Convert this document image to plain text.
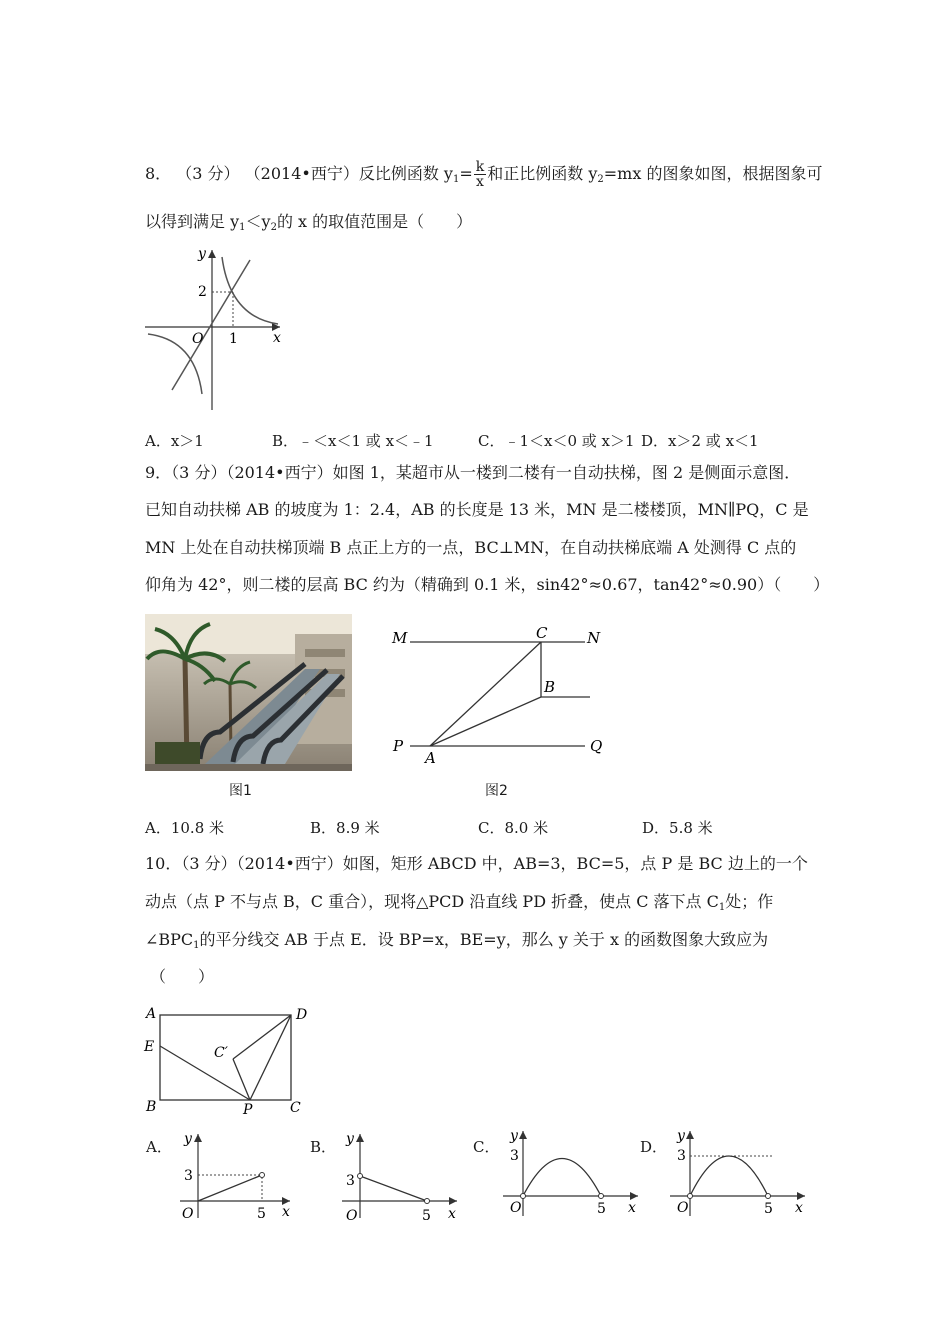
8． （3 分） （2014•西宁）反比例函数 $y_1= \frac{k}{x}$ 和正比例函数 $y_2=mx$ 的图象如图，根据图象可
以得到满足 $y_1<y_2$的 x 的取值范围是（　　）
y
x
O
2
1
A．x＞1	B．﹣＜x＜1 或 x＜﹣1	C．﹣1＜x＜0 或 x＞1 D．x＞2 或 x＜1
9．（3 分）（2014•西宁）如图 1，某超市从一楼到二楼有一自动扶梯，图 2 是侧面示意图．
已知自动扶梯 AB 的坡度为 1：2.4，AB 的长度是 13 米，MN 是二楼楼顶，MN∥PQ，C 是
MN 上处在自动扶梯顶端 B 点正上方的一点，BC⊥MN，在自动扶梯底端 A 处测得 C 点的
仰角为 42°，则二楼的层高 BC 约为（精确到 0.1 米，sin42°≈0.67，tan42°≈0.90）（　　）
图1
M	N
C
B
P
A
Q
图2
A．10.8 米	B．8.9 米	C．8.0 米	D．5.8 米
10．（3 分）（2014•西宁）如图，矩形 ABCD 中，AB=3，BC=5，点 P 是 BC 边上的一个
动点（点 P 不与点 B，C 重合），现将△PCD 沿直线 PD 折叠，使点 C 落下点 $C_1$处；作
$\angle BPC_1$的平分线交 AB 于点 E．设 BP=x，BE=y，那么 y 关于 x 的函数图象大致应为
（　　）
A	D
E	C′
B	P	C
A． y
x
O
3
5
B． y
x
O
3
5
C．
y
x
O
3
5
D．
y
x
O
3
5
